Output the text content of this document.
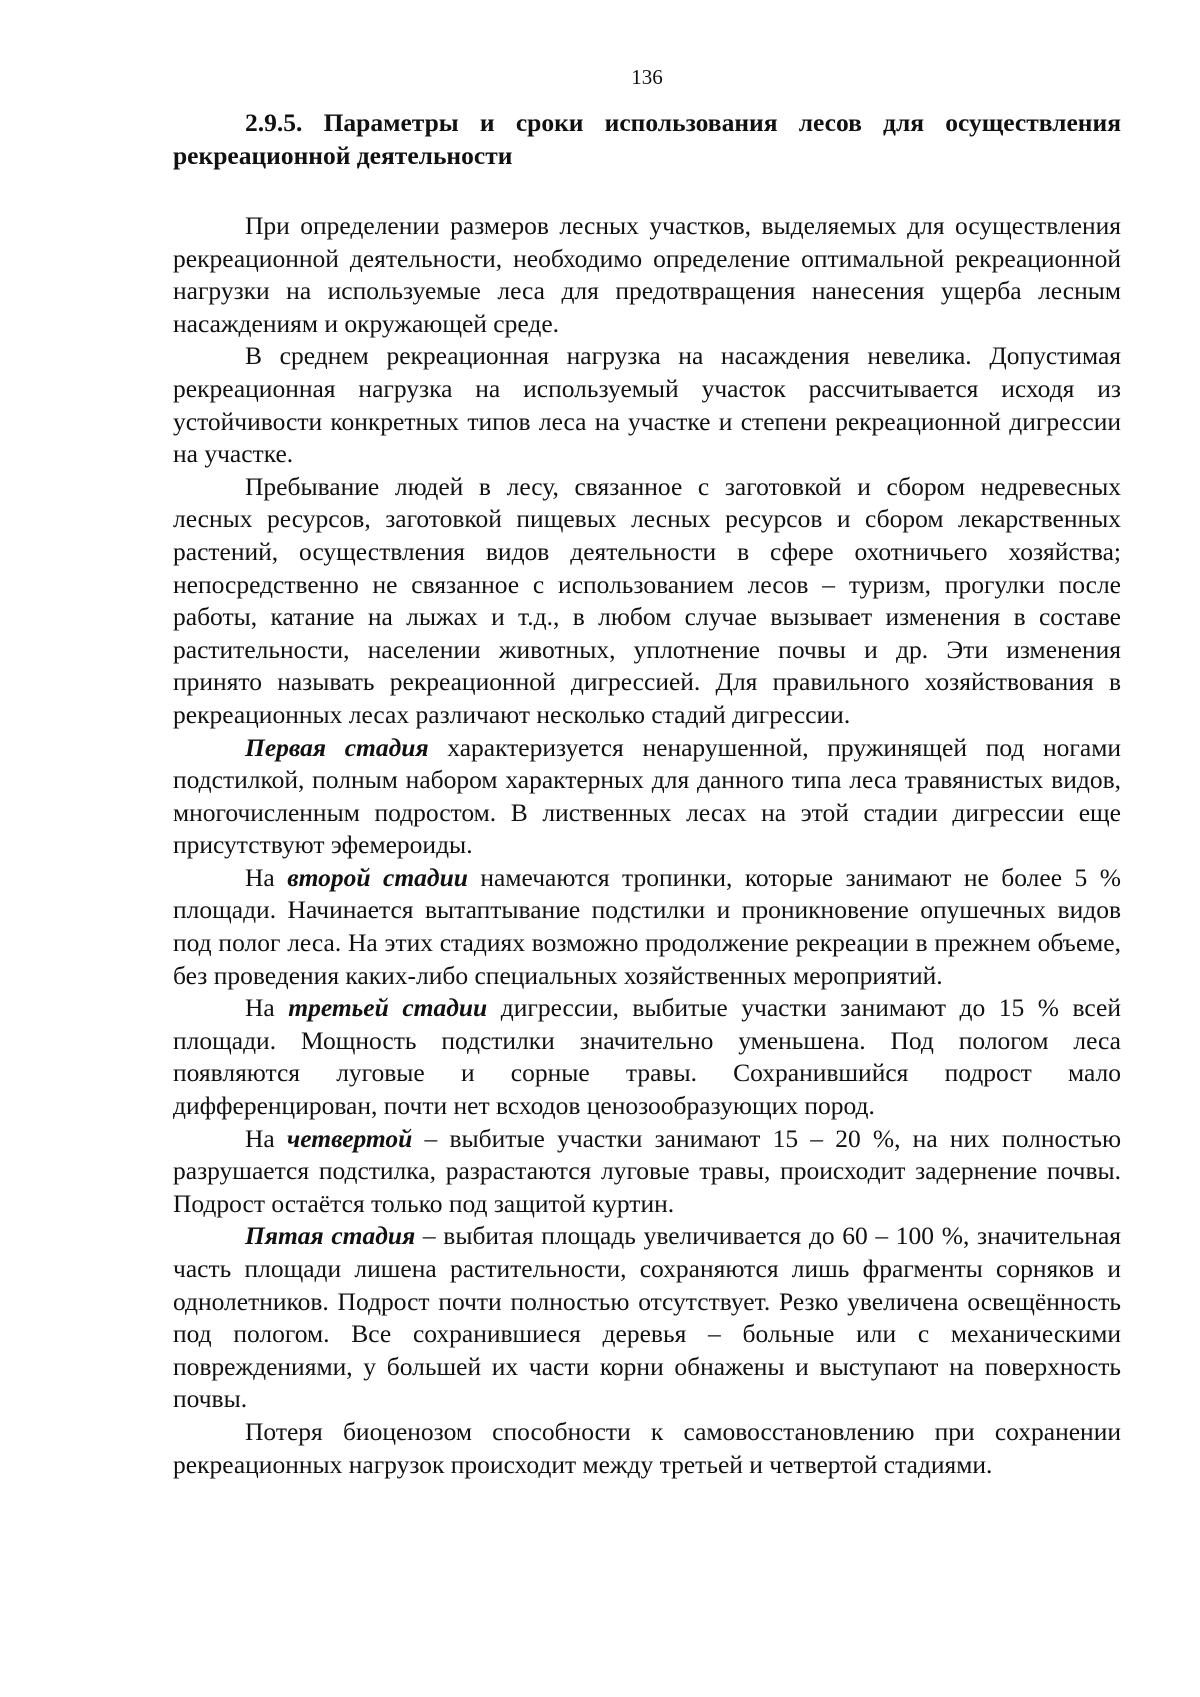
136
2.9.5. Параметры и сроки использования лесов для осуществления рекреационной деятельности

При определении размеров лесных участков, выделяемых для осуществления рекреационной деятельности, необходимо определение оптимальной рекреационной нагрузки на используемые леса для предотвращения нанесения ущерба лесным насаждениям и окружающей среде.

В среднем рекреационная нагрузка на насаждения невелика. Допустимая рекреационная нагрузка на используемый участок рассчитывается исходя из устойчивости конкретных типов леса на участке и степени рекреационной дигрессии на участке.

Пребывание людей в лесу, связанное с заготовкой и сбором недревесных лесных ресурсов, заготовкой пищевых лесных ресурсов и сбором лекарственных растений, осуществления видов деятельности в сфере охотничьего хозяйства; непосредственно не связанное с использованием лесов – туризм, прогулки после работы, катание на лыжах и т.д., в любом случае вызывает изменения в составе растительности, населении животных, уплотнение почвы и др. Эти изменения принято называть рекреационной дигрессией. Для правильного хозяйствования в рекреационных лесах различают несколько стадий дигрессии.

Первая стадия характеризуется ненарушенной, пружинящей под ногами подстилкой, полным набором характерных для данного типа леса травянистых видов, многочисленным подростом. В лиственных лесах на этой стадии дигрессии еще присутствуют эфемероиды.

На второй стадии намечаются тропинки, которые занимают не более 5 % площади. Начинается вытаптывание подстилки и проникновение опушечных видов под полог леса. На этих стадиях возможно продолжение рекреации в прежнем объеме, без проведения каких-либо специальных хозяйственных мероприятий.

На третьей стадии дигрессии, выбитые участки занимают до 15 % всей площади. Мощность подстилки значительно уменьшена. Под пологом леса появляются луговые и сорные травы. Сохранившийся подрост мало дифференцирован, почти нет всходов ценозообразующих пород.

На четвертой – выбитые участки занимают 15 – 20 %, на них полностью разрушается подстилка, разрастаются луговые травы, происходит задернение почвы. Подрост остаётся только под защитой куртин.

Пятая стадия – выбитая площадь увеличивается до 60 – 100 %, значительная часть площади лишена растительности, сохраняются лишь фрагменты сорняков и однолетников. Подрост почти полностью отсутствует. Резко увеличена освещённость под пологом. Все сохранившиеся деревья – больные или с механическими повреждениями, у большей их части корни обнажены и выступают на поверхность почвы.

Потеря биоценозом способности к самовосстановлению при сохранении рекреационных нагрузок происходит между третьей и четвертой стадиями.
